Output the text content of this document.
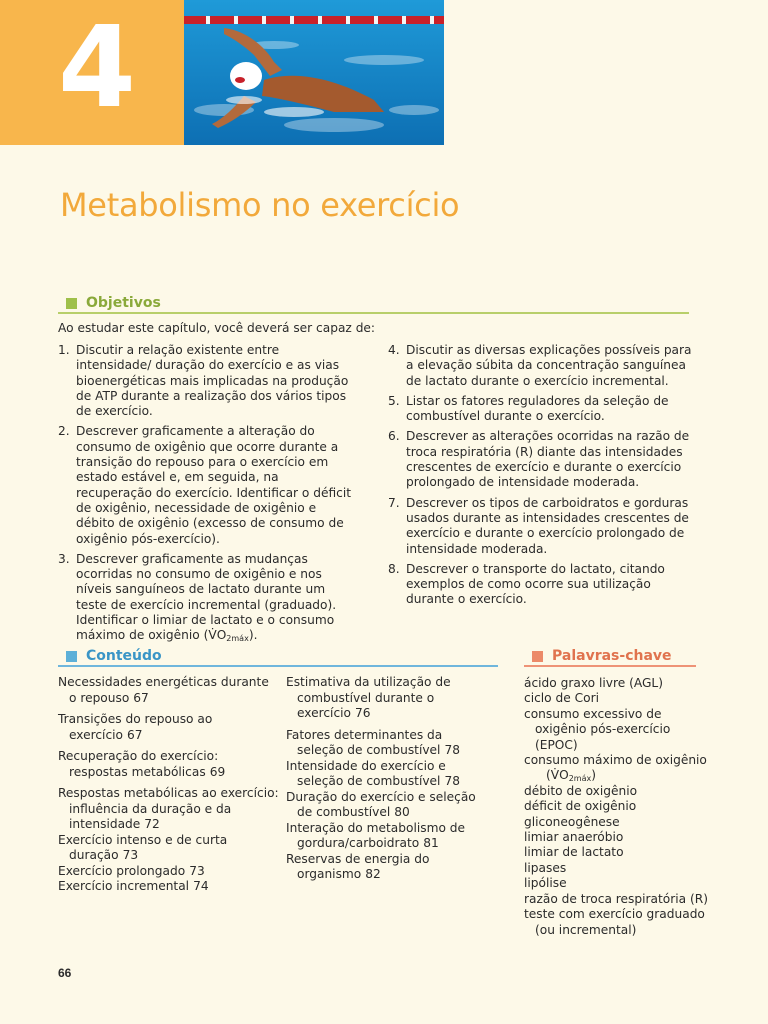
4
Metabolismo no exercício
Objetivos

Ao estudar este capítulo, você deverá ser capaz de:

1. Discutir a relação existente entre intensidade/ duração do exercício e as vias bioenergéticas mais implicadas na produção de ATP durante a realização dos vários tipos de exercício.
2. Descrever graficamente a alteração do consumo de oxigênio que ocorre durante a transição do repouso para o exercício em estado estável e, em seguida, na recuperação do exercício. Identificar o déficit de oxigênio, necessidade de oxigênio e débito de oxigênio (excesso de consumo de oxigênio pós-exercício).
3. Descrever graficamente as mudanças ocorridas no consumo de oxigênio e nos níveis sanguíneos de lactato durante um teste de exercício incremental (graduado). Identificar o limiar de lactato e o consumo máximo de oxigênio $(V̇O_{2máx})$.
4. Discutir as diversas explicações possíveis para a elevação súbita da concentração sanguínea de lactato durante o exercício incremental.
5. Listar os fatores reguladores da seleção de combustível durante o exercício.
6. Descrever as alterações ocorridas na razão de troca respiratória (R) diante das intensidades crescentes de exercício e durante o exercício prolongado de intensidade moderada.
7. Descrever os tipos de carboidratos e gorduras usados durante as intensidades crescentes de exercício e durante o exercício prolongado de intensidade moderada.
8. Descrever o transporte do lactato, citando exemplos de como ocorre sua utilização durante o exercício.
Conteúdo
Necessidades energéticas durante o repouso 67
Transições do repouso ao exercício 67
Recuperação do exercício: respostas metabólicas 69
Respostas metabólicas ao exercício: influência da duração e da intensidade 72
Exercício intenso e de curta duração 73
Exercício prolongado 73
Exercício incremental 74
Estimativa da utilização de combustível durante o exercício 76
Fatores determinantes da seleção de combustível 78
Intensidade do exercício e seleção de combustível 78
Duração do exercício e seleção de combustível 80
Interação do metabolismo de gordura/carboidrato 81
Reservas de energia do organismo 82
Palavras-chave
ácido graxo livre (AGL)
ciclo de Cori
consumo excessivo de oxigênio pós-exercício (EPOC)
consumo máximo de oxigênio
$(V̇O_{2máx})$
débito de oxigênio
déficit de oxigênio
gliconeogênese
limiar anaeróbio
limiar de lactato
lipases
lipólise
razão de troca respiratória (R)
teste com exercício graduado (ou incremental)
66
